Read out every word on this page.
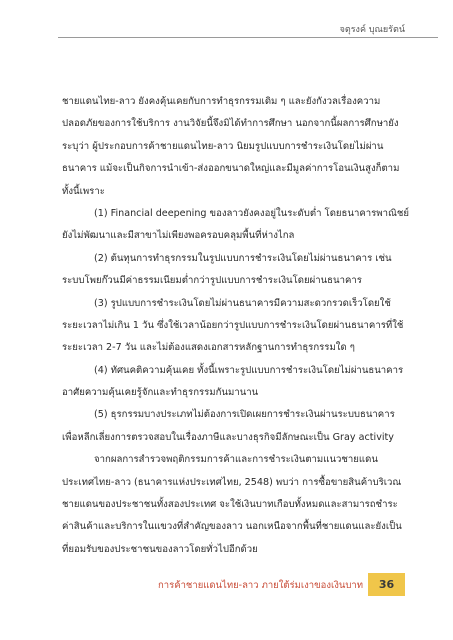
จตุรงค์ บุณยรัตน์
ชายแดนไทย-ลาว ยังคงคุ้นเคยกับการทำธุรกรรมเดิม ๆ และยังกังวลเรื่องความ
ปลอดภัยของการใช้บริการ งานวิจัยนี้จึงมิได้ทำการศึกษา นอกจากนี้ผลการศึกษายัง
ระบุว่า ผู้ประกอบการค้าชายแดนไทย-ลาว นิยมรูปแบบการชำระเงินโดยไม่ผ่าน
ธนาคาร แม้จะเป็นกิจการนำเข้า-ส่งออกขนาดใหญ่และมีมูลค่าการโอนเงินสูงก็ตาม
ทั้งนี้เพราะ
(1) Financial deepening ของลาวยังคงอยู่ในระดับต่ำ โดยธนาคารพาณิชย์
ยังไม่พัฒนาและมีสาขาไม่เพียงพอครอบคลุมพื้นที่ห่างไกล
(2) ต้นทุนการทำธุรกรรมในรูปแบบการชำระเงินโดยไม่ผ่านธนาคาร เช่น
ระบบโพยก๊วนมีค่าธรรมเนียมต่ำกว่ารูปแบบการชำระเงินโดยผ่านธนาคาร
(3) รูปแบบการชำระเงินโดยไม่ผ่านธนาคารมีความสะดวกรวดเร็วโดยใช้
ระยะเวลาไม่เกิน 1 วัน ซึ่งใช้เวลาน้อยกว่ารูปแบบการชำระเงินโดยผ่านธนาคารที่ใช้
ระยะเวลา 2-7 วัน และไม่ต้องแสดงเอกสารหลักฐานการทำธุรกรรมใด ๆ
(4) ทัศนคติความคุ้นเคย ทั้งนี้เพราะรูปแบบการชำระเงินโดยไม่ผ่านธนาคาร
อาศัยความคุ้นเคยรู้จักและทำธุรกรรมกันมานาน
(5) ธุรกรรมบางประเภทไม่ต้องการเปิดเผยการชำระเงินผ่านระบบธนาคาร
เพื่อหลีกเลี่ยงการตรวจสอบในเรื่องภาษีและบางธุรกิจมีลักษณะเป็น Gray activity
จากผลการสำรวจพฤติกรรมการค้าและการชำระเงินตามแนวชายแดน
ประเทศไทย-ลาว (ธนาคารแห่งประเทศไทย, 2548) พบว่า การซื้อขายสินค้าบริเวณ
ชายแดนของประชาชนทั้งสองประเทศ จะใช้เงินบาทเกือบทั้งหมดและสามารถชำระ
ค่าสินค้าและบริการในแขวงที่สำคัญของลาว นอกเหนือจากพื้นที่ชายแดนและยังเป็น
ที่ยอมรับของประชาชนของลาวโดยทั่วไปอีกด้วย
การค้าชายแดนไทย-ลาว ภายใต้ร่มเงาของเงินบาท	36
